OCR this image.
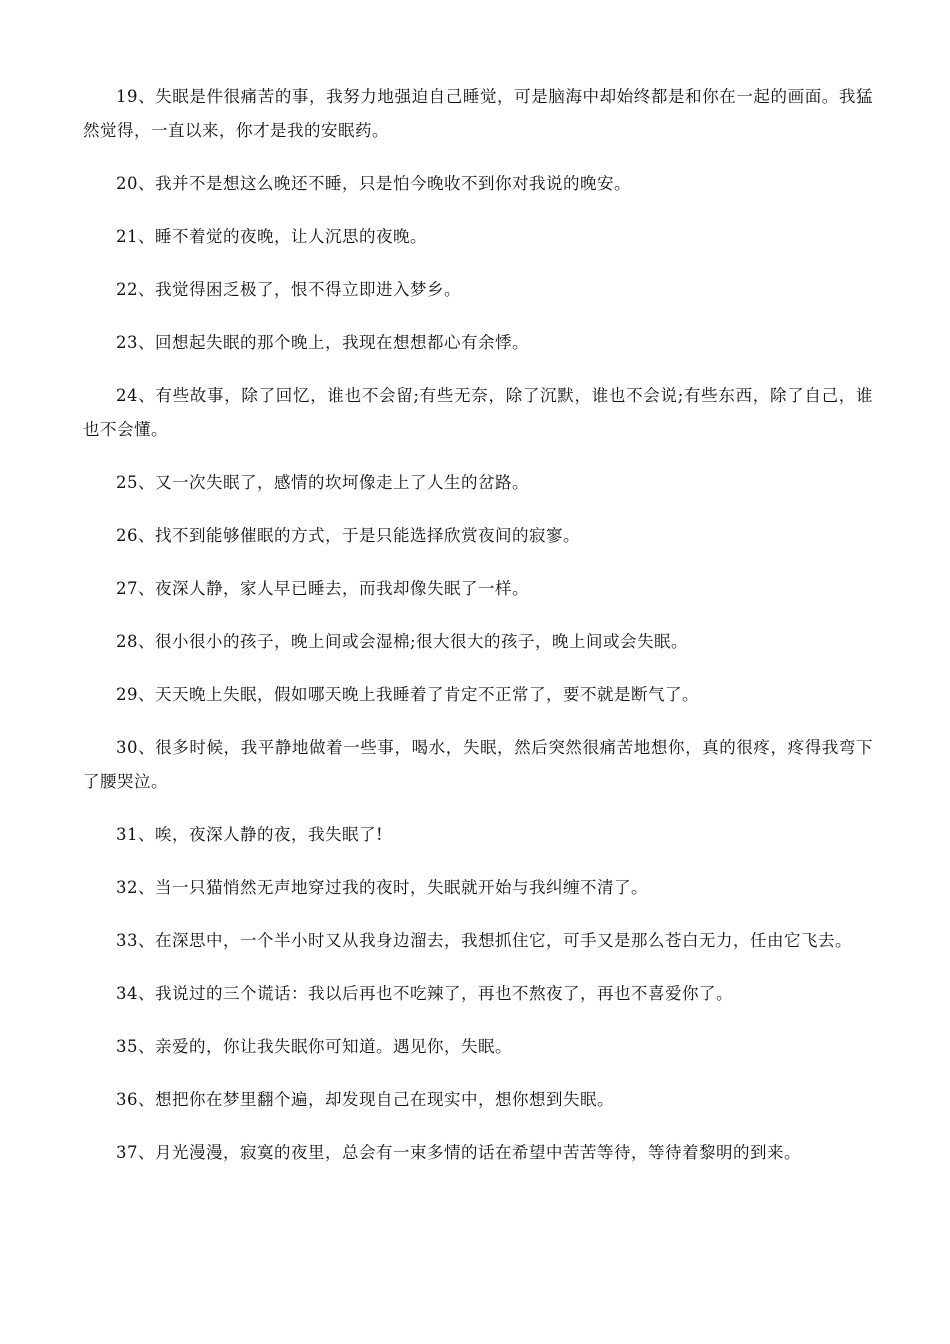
19、失眠是件很痛苦的事，我努力地强迫自己睡觉，可是脑海中却始终都是和你在一起的画面。我猛然觉得，一直以来，你才是我的安眠药。

20、我并不是想这么晚还不睡，只是怕今晚收不到你对我说的晚安。

21、睡不着觉的夜晚，让人沉思的夜晚。

22、我觉得困乏极了，恨不得立即进入梦乡。

23、回想起失眠的那个晚上，我现在想想都心有余悸。

24、有些故事，除了回忆，谁也不会留;有些无奈，除了沉默，谁也不会说;有些东西，除了自己，谁也不会懂。

25、又一次失眠了，感情的坎坷像走上了人生的岔路。

26、找不到能够催眠的方式，于是只能选择欣赏夜间的寂寥。

27、夜深人静，家人早已睡去，而我却像失眠了一样。

28、很小很小的孩子，晚上间或会湿棉;很大很大的孩子，晚上间或会失眠。

29、天天晚上失眠，假如哪天晚上我睡着了肯定不正常了，要不就是断气了。

30、很多时候，我平静地做着一些事，喝水，失眠，然后突然很痛苦地想你，真的很疼，疼得我弯下了腰哭泣。

31、唉，夜深人静的夜，我失眠了!

32、当一只猫悄然无声地穿过我的夜时，失眠就开始与我纠缠不清了。

33、在深思中，一个半小时又从我身边溜去，我想抓住它，可手又是那么苍白无力，任由它飞去。

34、我说过的三个谎话：我以后再也不吃辣了，再也不熬夜了，再也不喜爱你了。

35、亲爱的，你让我失眠你可知道。遇见你，失眠。

36、想把你在梦里翻个遍，却发现自己在现实中，想你想到失眠。

37、月光漫漫，寂寞的夜里，总会有一束多情的话在希望中苦苦等待，等待着黎明的到来。
